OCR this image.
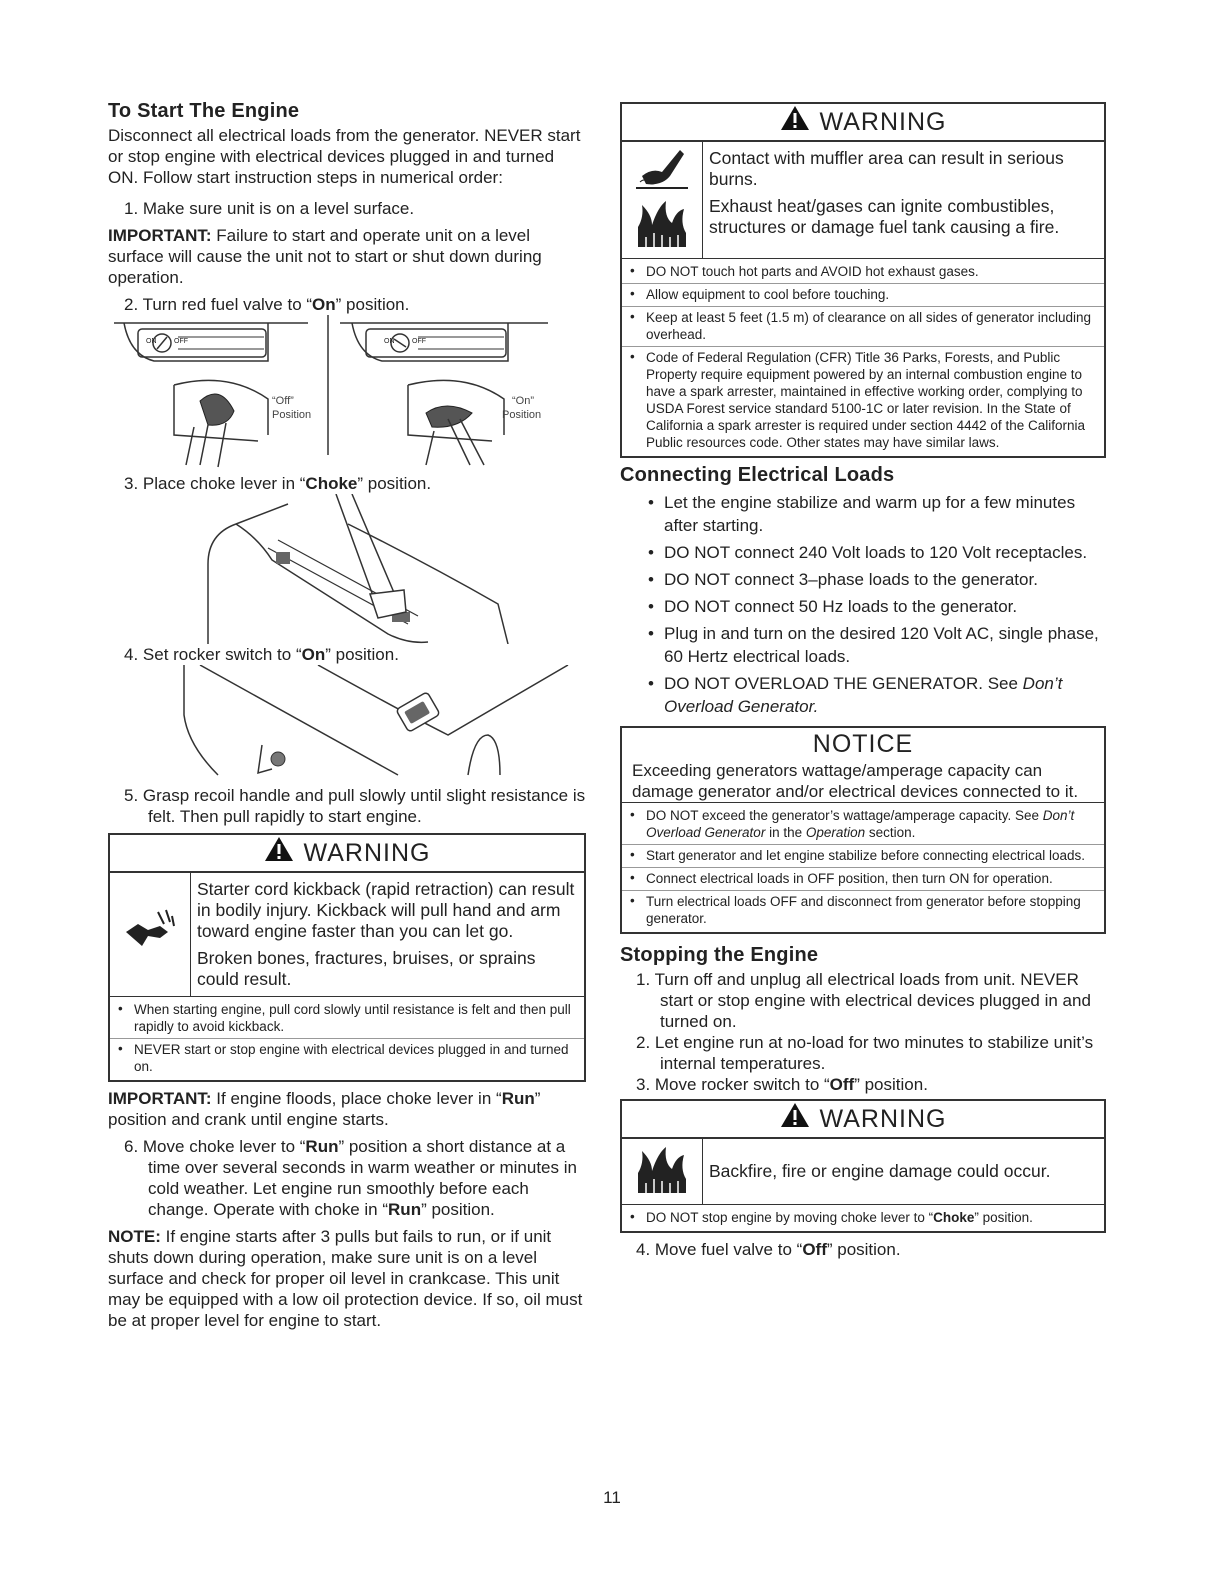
To Start The Engine

Disconnect all electrical loads from the generator. NEVER start or stop engine with electrical devices plugged in and turned ON. Follow start instruction steps in numerical order:

1. Make sure unit is on a level surface.

IMPORTANT: Failure to start and operate unit on a level surface will cause the unit not to start or shut down during operation.

2. Turn red fuel valve to “On” position.

ON	OFF	ON	OFF
“Off”
Position
“On”
Position

3. Place choke lever in “Choke” position.

4. Set rocker switch to “On” position.

5. Grasp recoil handle and pull slowly until slight resistance is felt. Then pull rapidly to start engine.

WARNING

Starter cord kickback (rapid retraction) can result in bodily injury. Kickback will pull hand and arm toward engine faster than you can let go.

Broken bones, fractures, bruises, or sprains could result.

• When starting engine, pull cord slowly until resistance is felt and then pull rapidly to avoid kickback.
• NEVER start or stop engine with electrical devices plugged in and turned on.

IMPORTANT: If engine floods, place choke lever in “Run” position and crank until engine starts.

6. Move choke lever to “Run” position a short distance at a time over several seconds in warm weather or minutes in cold weather. Let engine run smoothly before each change. Operate with choke in “Run” position.

NOTE: If engine starts after 3 pulls but fails to run, or if unit shuts down during operation, make sure unit is on a level surface and check for proper oil level in crankcase. This unit may be equipped with a low oil protection device. If so, oil must be at proper level for engine to start.

WARNING

Contact with muffler area can result in serious burns.

Exhaust heat/gases can ignite combustibles, structures or damage fuel tank causing a fire.

• DO NOT touch hot parts and AVOID hot exhaust gases.
• Allow equipment to cool before touching.
• Keep at least 5 feet (1.5 m) of clearance on all sides of generator including overhead.
• Code of Federal Regulation (CFR) Title 36 Parks, Forests, and Public Property require equipment powered by an internal combustion engine to have a spark arrester, maintained in effective working order, complying to USDA Forest service standard 5100-1C or later revision. In the State of California a spark arrester is required under section 4442 of the California Public resources code. Other states may have similar laws.
Connecting Electrical Loads
• Let the engine stabilize and warm up for a few minutes after starting.
• DO NOT connect 240 Volt loads to 120 Volt receptacles.
• DO NOT connect 3–phase loads to the generator.
• DO NOT connect 50 Hz loads to the generator.
• Plug in and turn on the desired 120 Volt AC, single phase, 60 Hertz electrical loads.
• DO NOT OVERLOAD THE GENERATOR. See Don’t Overload Generator.
NOTICE
Exceeding generators wattage/amperage capacity can damage generator and/or electrical devices connected to it.
• DO NOT exceed the generator’s wattage/amperage capacity. See Don’t Overload Generator in the Operation section.
• Start generator and let engine stabilize before connecting electrical loads.
• Connect electrical loads in OFF position, then turn ON for operation.
• Turn electrical loads OFF and disconnect from generator before stopping generator.
Stopping the Engine

1. Turn off and unplug all electrical loads from unit. NEVER start or stop engine with electrical devices plugged in and turned on.

2. Let engine run at no-load for two minutes to stabilize unit’s internal temperatures.

3. Move rocker switch to “Off” position.

WARNING

Backfire, fire or engine damage could occur.

• DO NOT stop engine by moving choke lever to “Choke” position.

4. Move fuel valve to “Off” position.

11
